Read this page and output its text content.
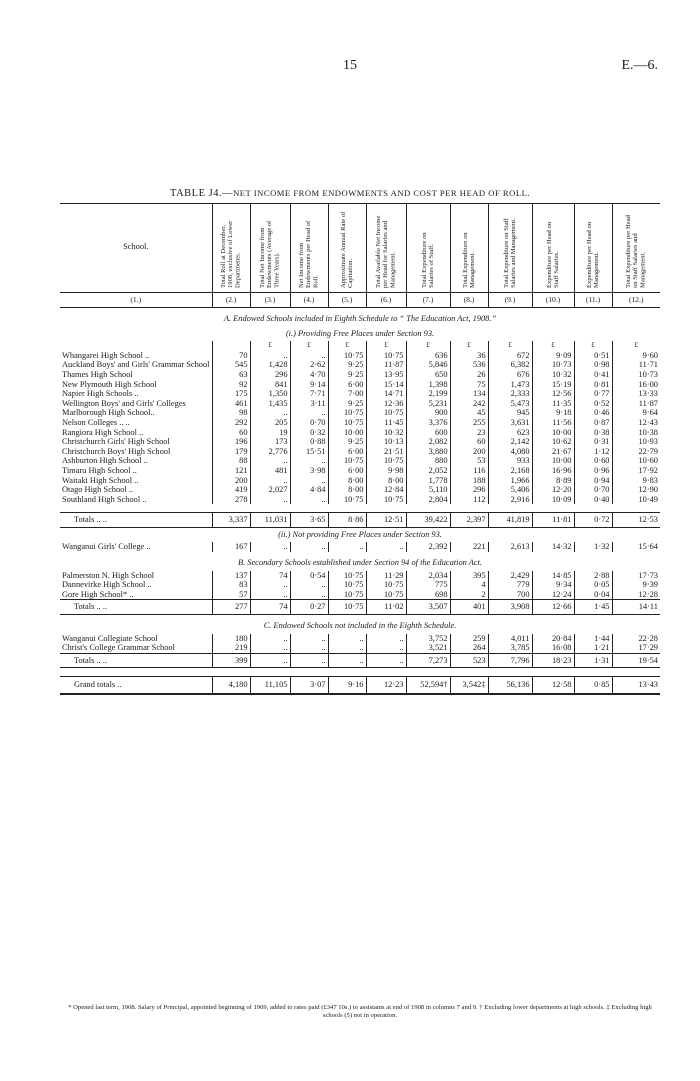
15	E.—6.
TABLE J4.—NET INCOME FROM ENDOWMENTS AND COST PER HEAD OF ROLL.
School.	Total Roll at December, 1908, exclusive of Lower Departments.	Total Net Income from Endowments (Average of Three Years).	Net Income from Endowments per Head of Roll.	Approximate Annual Rate of Capitation.	Total Available Net Income per Head for Salaries and Management.	Total Expenditure on Salaries of Staff.	Total Expenditure on Management.	Total Expenditure on Staff Salaries and Management.	Expenditure per Head on Staff Salaries.	Expenditure per Head on Management.	Total Expenditure per Head on Staff Salaries and Management.

(1.)	(2.)	(3.)	(4.)	(5.)	(6.)	(7.)	(8.)	(9.)	(10.)	(11.)	(12.)
A. Endowed Schools included in Eighth Schedule to “ The Education Act, 1908.”											
(i.) Providing Free Places under Section 93.											
		£	£	£	£	£	£	£	£	£	£
Whangarei High School ..	70	..	..	10·75	10·75	636	36	672	9·09	0·51	9·60
Auckland Boys' and Girls' Grammar School	545	1,428	2·62	9·25	11·87	5,846	536	6,382	10·73	0·98	11·71
Thames High School	63	296	4·70	9·25	13·95	650	26	676	10·32	0·41	10·73
New Plymouth High School	92	841	9·14	6·00	15·14	1,398	75	1,473	15·19	0·81	16·00
Napier High Schools ..	175	1,350	7·71	7·00	14·71	2,199	134	2,333	12·56	0·77	13·33
Wellington Boys' and Girls' Colleges	461	1,435	3·11	9·25	12·36	5,231	242	5,473	11·35	0·52	11·87
Marlborough High School..	98	..	..	10·75	10·75	900	45	945	9·18	0·46	9·64
Nelson Colleges .. ..	292	205	0·70	10·75	11·45	3,376	255	3,631	11·56	0·87	12·43
Rangiora High School ..	60	19	0·32	10·00	10·32	600	23	623	10·00	0·38	10·38
Christchurch Girls' High School	196	173	0·88	9·25	10·13	2,082	60	2,142	10·62	0·31	10·93
Christchurch Boys' High School	179	2,776	15·51	6·00	21·51	3,880	200	4,080	21·67	1·12	22·79
Ashburton High School ..	88	..	..	10·75	10·75	880	53	933	10·00	0·60	10·60
Timaru High School ..	121	481	3·98	6·00	9·98	2,052	116	2,168	16·96	0·96	17·92
Waitaki High School ..	200	..	..	8·00	8·00	1,778	188	1,966	8·89	0·94	9·83
Otago High School ..	419	2,027	4·84	8·00	12·84	5,110	296	5,406	12·20	0·70	12·90
Southland High School ..	278	..	..	10·75	10·75	2,804	112	2,916	10·09	0·40	10·49

Totals .. ..	3,337	11,031	3·65	8·86	12·51	39,422	2,397	41,819	11·81	0·72	12·53
(ii.) Not providing Free Places under Section 93.											
Wanganui Girls' College ..	167	..	..	..	..	2,392	221	2,613	14·32	1·32	15·64
B. Secondary Schools established under Section 94 of the Education Act.											
Palmerston N. High School	137	74	0·54	10·75	11·29	2,034	395	2,429	14·85	2·88	17·73
Dannevirke High School ..	83	..	..	10·75	10·75	775	4	779	9·34	0·05	9·39
Gore High School* ..	57	..	..	10·75	10·75	698	2	700	12·24	0·04	12·28
Totals .. ..	277	74	0·27	10·75	11·02	3,507	401	3,908	12·66	1·45	14·11
C. Endowed Schools not included in the Eighth Schedule.											
Wanganui Collegiate School	180	..	..	..	..	3,752	259	4,011	20·84	1·44	22·28
Christ's College Grammar School	219	..	..	..	..	3,521	264	3,785	16·08	1·21	17·29
Totals .. ..	399	..	..	..	..	7,273	523	7,796	18·23	1·31	19·54

Grand totals ..	4,180	11,105	3·07	9·16	12·23	52,594†	3,542‡	56,136	12·58	0·85	13·43
* Opened last term, 1908. Salary of Principal, appointed beginning of 1909, added to rates paid (£347 10s.) to assistants at end of 1908 in columns 7 and 9. † Excluding lower departments at high schools. ‡ Excluding high schools (5) not in operation.
